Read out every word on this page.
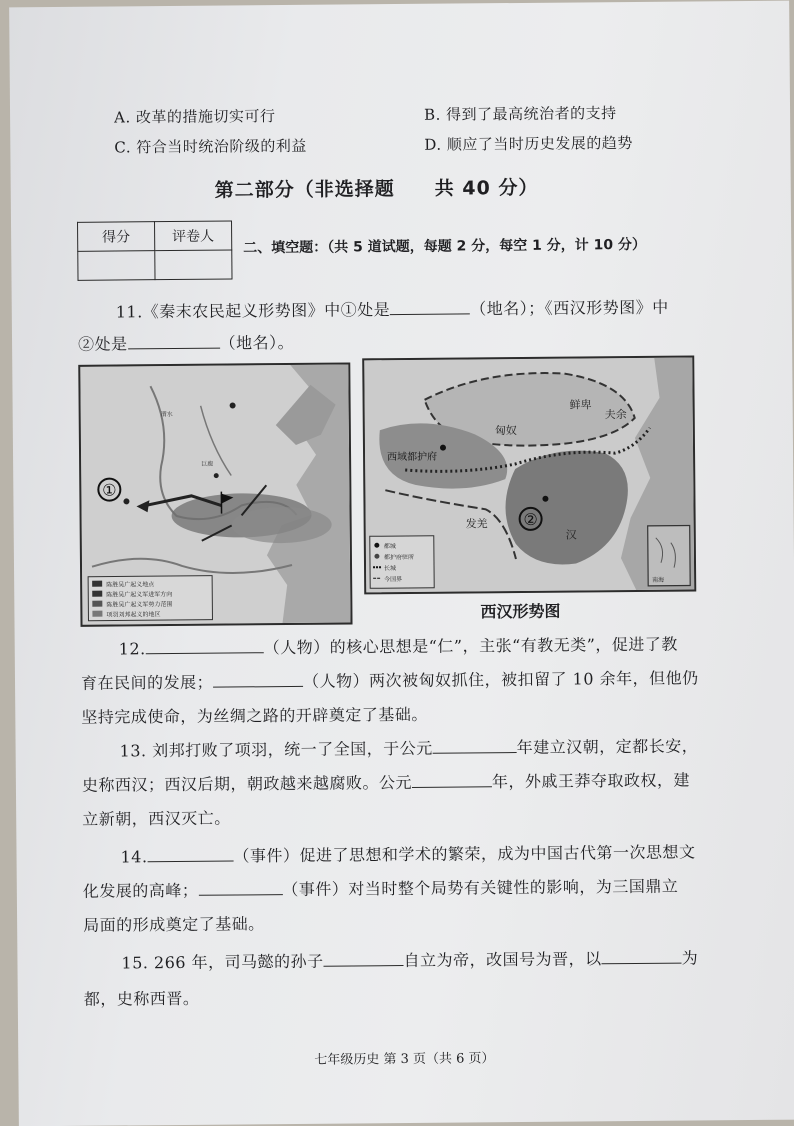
A. 改革的措施切实可行	B. 得到了最高统治者的支持
C. 符合当时统治阶级的利益	D. 顺应了当时历史发展的趋势
第二部分（非选择题　　共 40 分）
得分	评卷人

二、填空题：（共 5 道试题，每题 2 分，每空 1 分，计 10 分）
11.《秦末农民起义形势图》中①处是	（地名）；《西汉形势图》中
②处是	（地名）。
①
渭水
巨鹿
陈胜吴广起义地点
陈胜吴广起义军进军方向
陈胜吴广起义军势力范围
项羽刘邦起义的地区
②
鲜卑
夫余
匈奴
西域都护府
发羌
汉
都城
都护府驻所
长城
今国界	南海
西汉形势图
12.	（人物）的核心思想是“仁”，主张“有教无类”，促进了教
育在民间的发展；	（人物）两次被匈奴抓住，被扣留了 10 余年，但他仍
坚持完成使命，为丝绸之路的开辟奠定了基础。
13. 刘邦打败了项羽，统一了全国，于公元	年建立汉朝，定都长安，
史称西汉；西汉后期，朝政越来越腐败。公元	年，外戚王莽夺取政权，建
立新朝，西汉灭亡。
14.	（事件）促进了思想和学术的繁荣，成为中国古代第一次思想文
化发展的高峰；	（事件）对当时整个局势有关键性的影响，为三国鼎立
局面的形成奠定了基础。
15. 266 年，司马懿的孙子	自立为帝，改国号为晋，以	为
都，史称西晋。
七年级历史 第 3 页（共 6 页）
